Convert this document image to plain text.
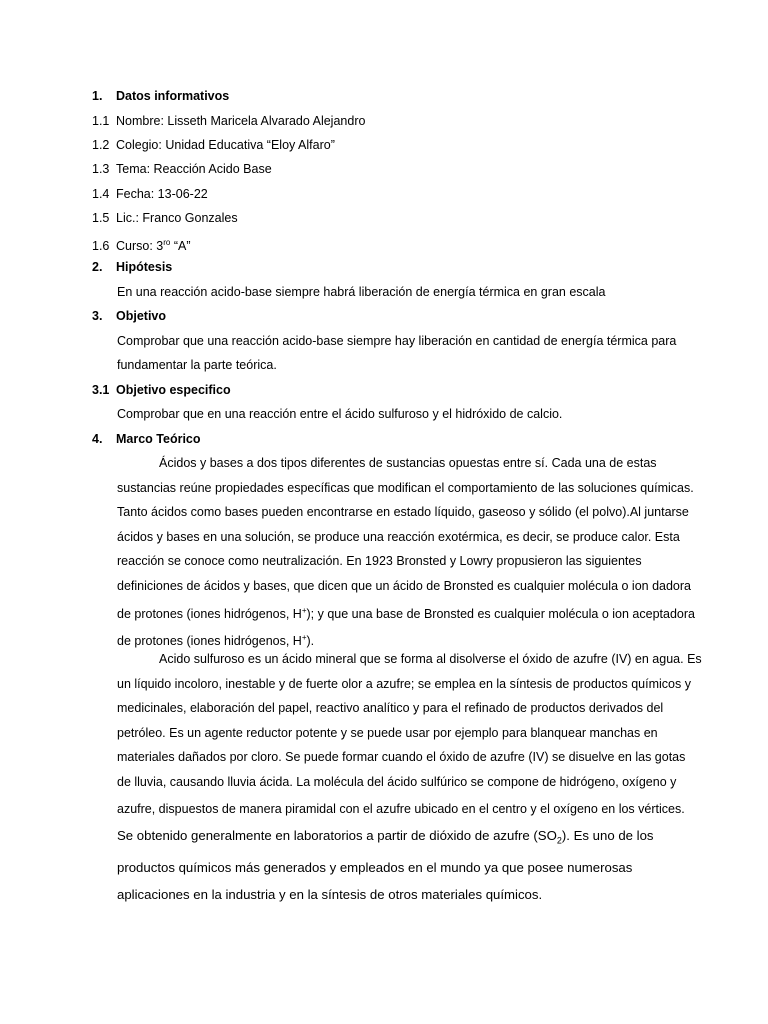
1. Datos informativos
1.1 Nombre: Lisseth Maricela Alvarado Alejandro
1.2 Colegio: Unidad Educativa “Eloy Alfaro”
1.3 Tema: Reacción Acido Base
1.4 Fecha: 13-06-22
1.5 Lic.: Franco Gonzales
1.6 Curso: $3^{ro}$ “A”
2. Hipótesis
En una reacción acido-base siempre habrá liberación de energía térmica en gran escala
3. Objetivo
Comprobar que una reacción acido-base siempre hay liberación en cantidad de energía térmica para
fundamentar la parte teórica.
3.1 Objetivo especifico
Comprobar que en una reacción entre el ácido sulfuroso y el hidróxido de calcio.
4. Marco Teórico

Ácidos y bases a dos tipos diferentes de sustancias opuestas entre sí. Cada una de estas sustancias reúne propiedades específicas que modifican el comportamiento de las soluciones químicas. Tanto ácidos como bases pueden encontrarse en estado líquido, gaseoso y sólido (el polvo).Al juntarse ácidos y bases en una solución, se produce una reacción exotérmica, es decir, se produce calor. Esta reacción se conoce como neutralización. En 1923 Bronsted y Lowry propusieron las siguientes definiciones de ácidos y bases, que dicen que un ácido de Bronsted es cualquier molécula o ion dadora de protones (iones hidrógenos, H+); y que una base de Bronsted es cualquier molécula o ion aceptadora de protones (iones hidrógenos, H+).

Acido sulfuroso es un ácido mineral que se forma al disolverse el óxido de azufre (IV) en agua. Es un líquido incoloro, inestable y de fuerte olor a azufre; se emplea en la síntesis de productos químicos y medicinales, elaboración del papel, reactivo analítico y para el refinado de productos derivados del petróleo. Es un agente reductor potente y se puede usar por ejemplo para blanquear manchas en materiales dañados por cloro. Se puede formar cuando el óxido de azufre (IV) se disuelve en las gotas de lluvia, causando lluvia ácida. La molécula del ácido sulfúrico se compone de hidrógeno, oxígeno y azufre, dispuestos de manera piramidal con el azufre ubicado en el centro y el oxígeno en los vértices. Se obtenido generalmente en laboratorios a partir de dióxido de azufre $(SO_2)$. Es uno de los productos químicos más generados y empleados en el mundo ya que posee numerosas aplicaciones en la industria y en la síntesis de otros materiales químicos.
